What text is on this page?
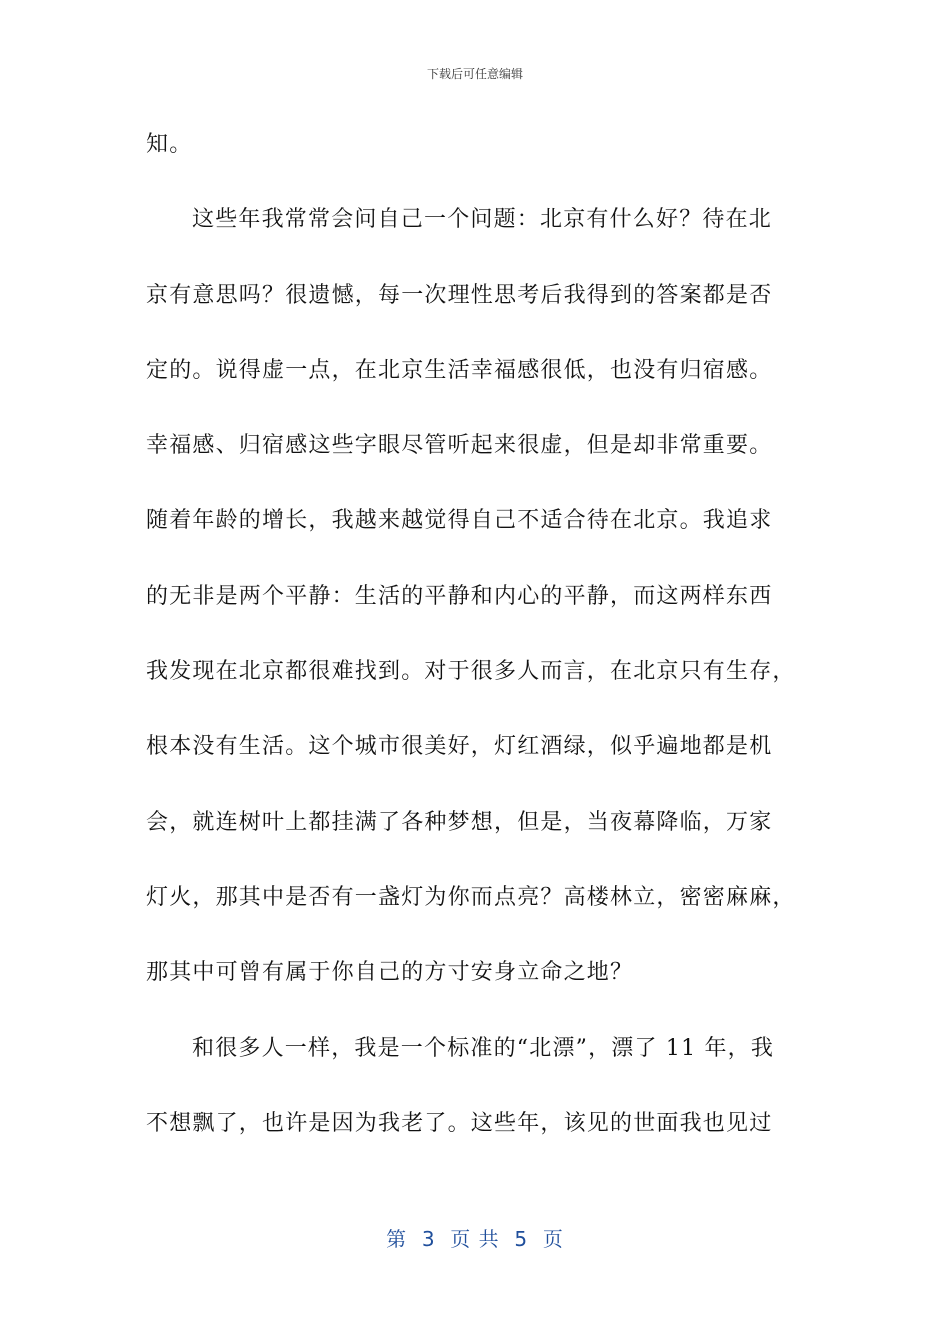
下载后可任意编辑
知。
这些年我常常会问自己一个问题：北京有什么好？待在北
京有意思吗？很遗憾，每一次理性思考后我得到的答案都是否
定的。说得虚一点，在北京生活幸福感很低，也没有归宿感。
幸福感、归宿感这些字眼尽管听起来很虚，但是却非常重要。
随着年龄的增长，我越来越觉得自己不适合待在北京。我追求
的无非是两个平静：生活的平静和内心的平静，而这两样东西
我发现在北京都很难找到。对于很多人而言，在北京只有生存，
根本没有生活。这个城市很美好，灯红酒绿，似乎遍地都是机
会，就连树叶上都挂满了各种梦想，但是，当夜幕降临，万家
灯火，那其中是否有一盏灯为你而点亮？高楼林立，密密麻麻，
那其中可曾有属于你自己的方寸安身立命之地？
和很多人一样，我是一个标准的“北漂”，漂了 11 年，我
不想飘了，也许是因为我老了。这些年，该见的世面我也见过
第  3  页 共  5  页
